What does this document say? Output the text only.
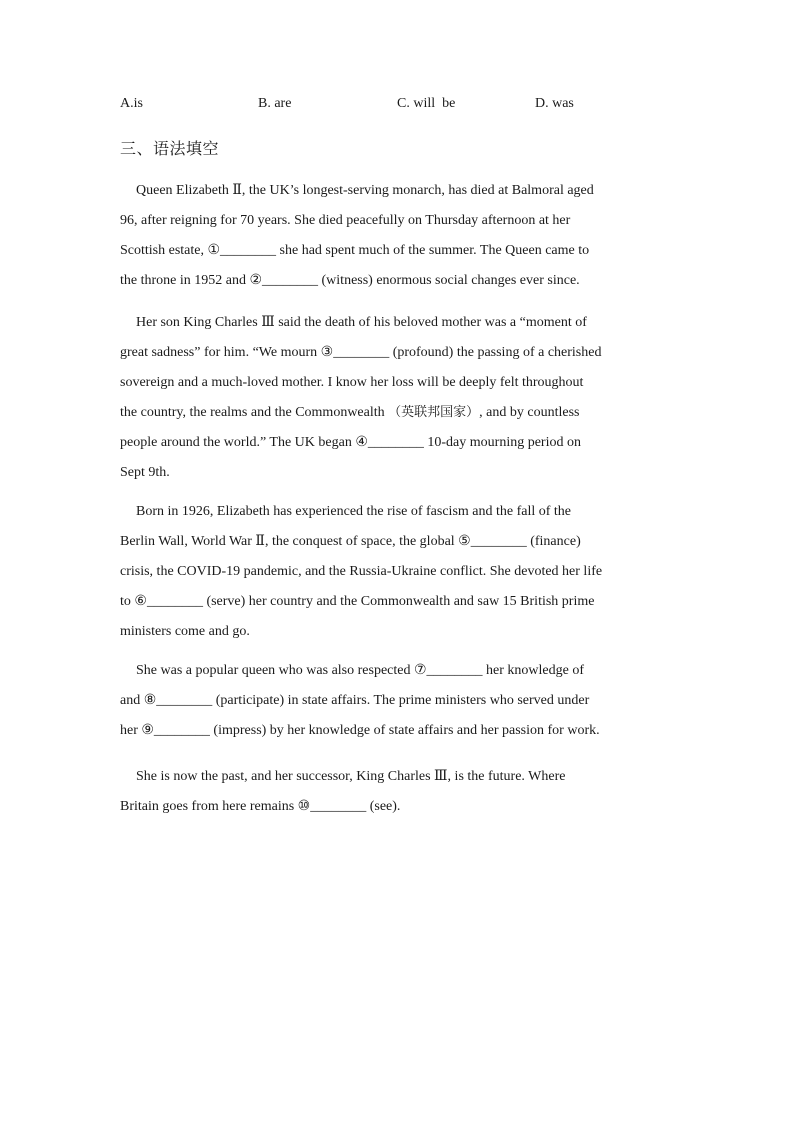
A.is	B. are	C. will  be	D. was
三、语法填空
Queen Elizabeth Ⅱ, the UK’s longest-serving monarch, has died at Balmoral aged
96, after reigning for 70 years. She died peacefully on Thursday afternoon at her
Scottish estate, ①________ she had spent much of the summer. The Queen came to
the throne in 1952 and ②________ (witness) enormous social changes ever since.
Her son King Charles Ⅲ said the death of his beloved mother was a “moment of
great sadness” for him. “We mourn ③________ (profound) the passing of a cherished
sovereign and a much-loved mother. I know her loss will be deeply felt throughout
the country, the realms and the Commonwealth （英联邦国家）, and by countless
people around the world.” The UK began ④________ 10-day mourning period on
Sept 9th.
Born in 1926, Elizabeth has experienced the rise of fascism and the fall of the
Berlin Wall, World War Ⅱ, the conquest of space, the global ⑤________ (finance)
crisis, the COVID-19 pandemic, and the Russia-Ukraine conflict. She devoted her life
to ⑥________ (serve) her country and the Commonwealth and saw 15 British prime
ministers come and go.
She was a popular queen who was also respected ⑦________ her knowledge of
and ⑧________ (participate) in state affairs. The prime ministers who served under
her ⑨________ (impress) by her knowledge of state affairs and her passion for work.
She is now the past, and her successor, King Charles Ⅲ, is the future. Where
Britain goes from here remains ⑩________ (see).
